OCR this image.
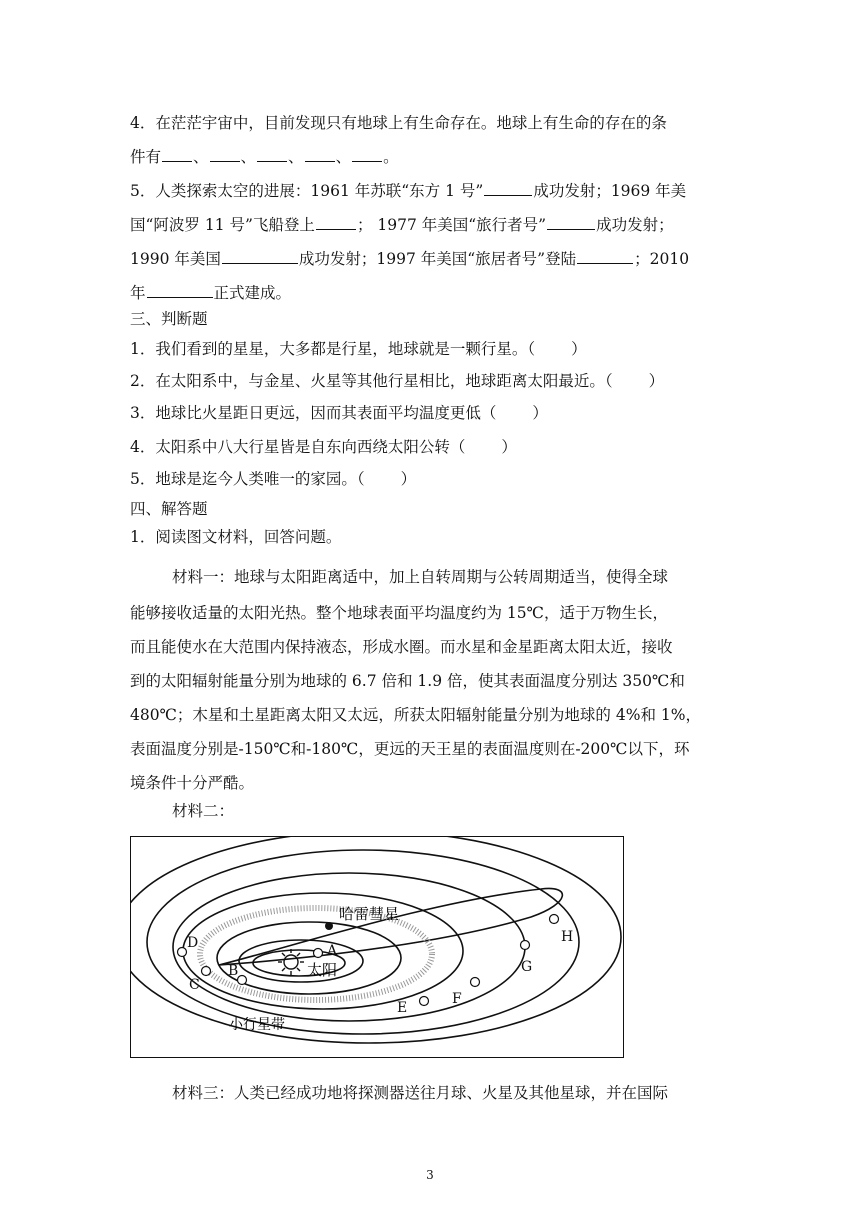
4．在茫茫宇宙中，目前发现只有地球上有生命存在。地球上有生命的存在的条
件有 、 、 、 、 。
5．人类探索太空的进展：1961 年苏联“东方 1 号”	成功发射；1969 年美
国“阿波罗 11 号”飞船登上	； 1977 年美国“旅行者号”	成功发射；
1990 年美国	成功发射；1997 年美国“旅居者号”登陆	；2010
年	正式建成。
三、判断题
1．我们看到的星星，大多都是行星，地球就是一颗行星。（ ）
2．在太阳系中，与金星、火星等其他行星相比，地球距离太阳最近。（ ）
3．地球比火星距日更远，因而其表面平均温度更低（ ）
4．太阳系中八大行星皆是自东向西绕太阳公转（ ）
5．地球是迄今人类唯一的家园。（ ）
四、解答题
1．阅读图文材料，回答问题。
材料一：地球与太阳距离适中，加上自转周期与公转周期适当，使得全球
能够接收适量的太阳光热。整个地球表面平均温度约为 15℃，适于万物生长，
而且能使水在大范围内保持液态，形成水圈。而水星和金星距离太阳太近，接收
到的太阳辐射能量分别为地球的 6.7 倍和 1.9 倍，使其表面温度分别达 350℃和
480℃；木星和土星距离太阳又太远，所获太阳辐射能量分别为地球的 4%和 1%，
表面温度分别是-150℃和-180℃，更远的天王星的表面温度则在-200℃以下，环
境条件十分严酷。
材料二：
太阳
哈雷彗星
小行星带
A
B
C
D
E
F
G
H
材料三：人类已经成功地将探测器送往月球、火星及其他星球，并在国际
3
